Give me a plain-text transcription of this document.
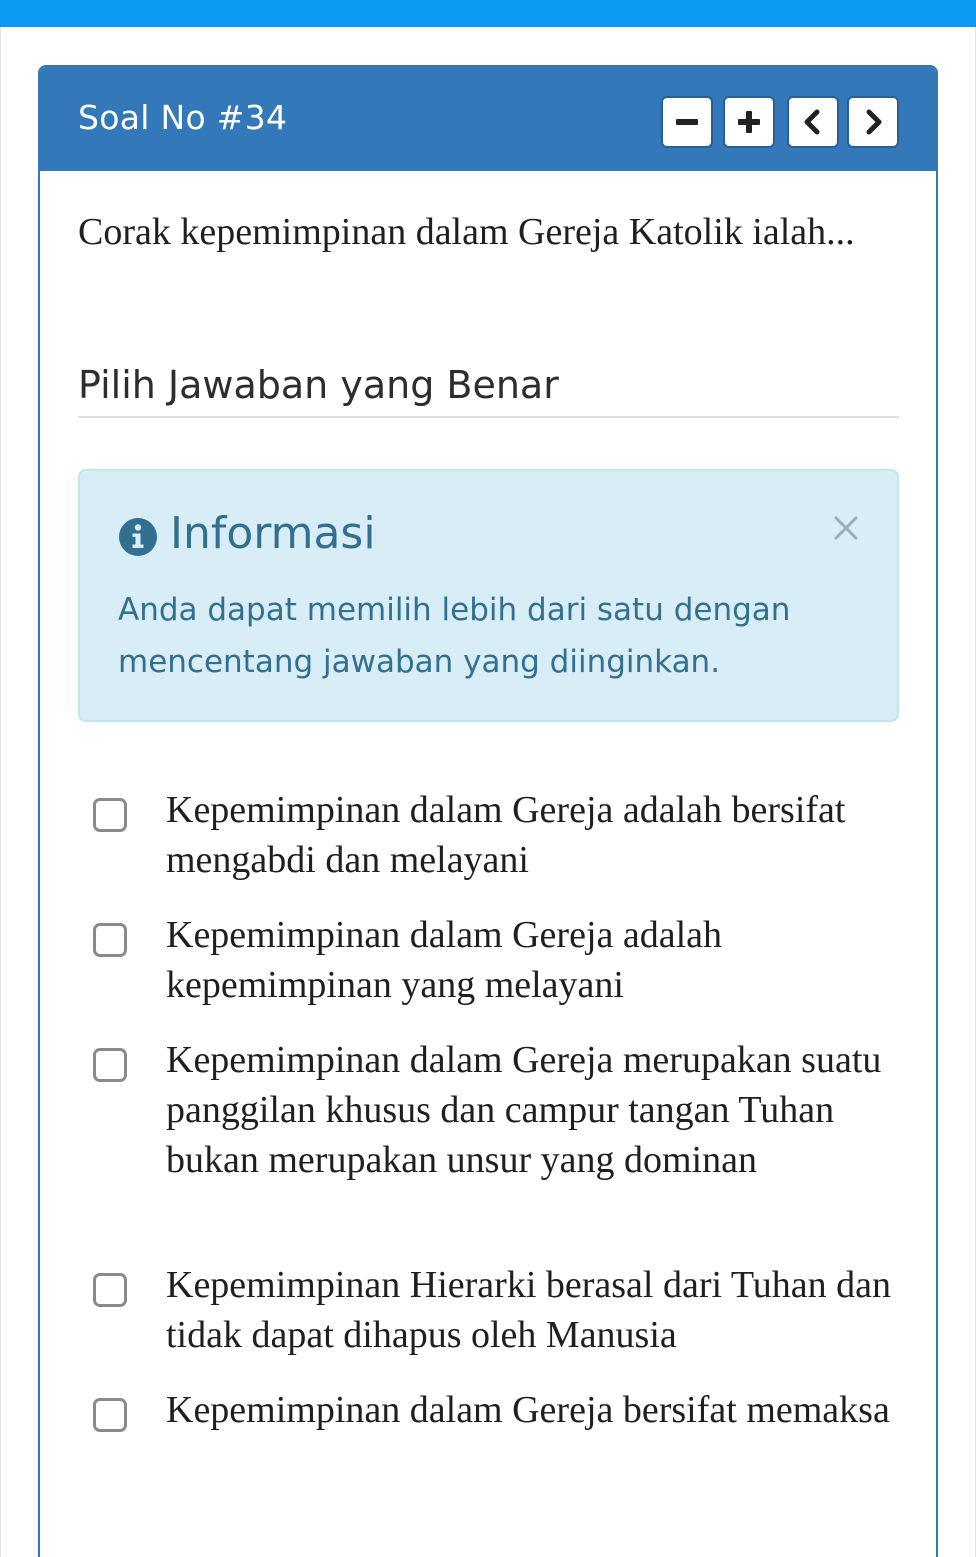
Soal No #34
Corak kepemimpinan dalam Gereja Katolik ialah...
Pilih Jawaban yang Benar
Informasi
Anda dapat memilih lebih dari satu dengan mencentang jawaban yang diinginkan.
Kepemimpinan dalam Gereja adalah bersifat mengabdi dan melayani
Kepemimpinan dalam Gereja adalah kepemimpinan yang melayani
Kepemimpinan dalam Gereja merupakan suatu panggilan khusus dan campur tangan Tuhan bukan merupakan unsur yang dominan
Kepemimpinan Hierarki berasal dari Tuhan dan tidak dapat dihapus oleh Manusia
Kepemimpinan dalam Gereja bersifat memaksa
